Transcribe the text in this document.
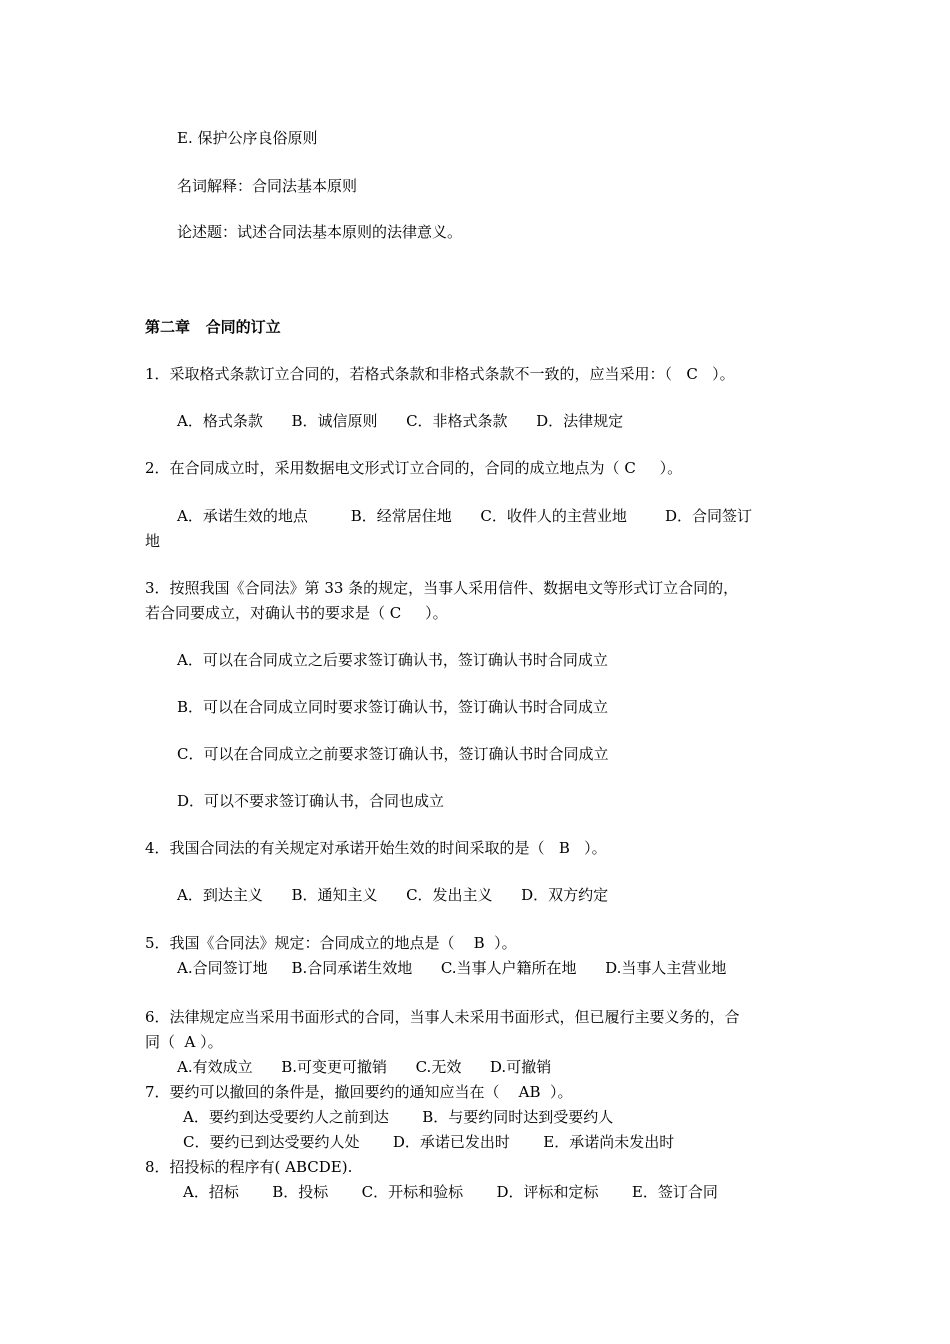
E. 保护公序良俗原则
名词解释：合同法基本原则
论述题：试述合同法基本原则的法律意义。
第二章   合同的订立
1．采取格式条款订立合同的，若格式条款和非格式条款不一致的，应当采用：（   C   ）。
A．格式条款      B．诚信原则      C．非格式条款      D．法律规定
2．在合同成立时，采用数据电文形式订立合同的，合同的成立地点为（ C     ）。
A．承诺生效的地点         B．经常居住地      C．收件人的主营业地        D．合同签订
地
3．按照我国《合同法》第 33 条的规定，当事人采用信件、数据电文等形式订立合同的，
若合同要成立，对确认书的要求是（ C     ）。
A．可以在合同成立之后要求签订确认书，签订确认书时合同成立
B．可以在合同成立同时要求签订确认书，签订确认书时合同成立
C．可以在合同成立之前要求签订确认书，签订确认书时合同成立
D．可以不要求签订确认书，合同也成立
4．我国合同法的有关规定对承诺开始生效的时间采取的是（   B   ）。
A．到达主义      B．通知主义      C．发出主义      D．双方约定
5．我国《合同法》规定：合同成立的地点是（    B  ）。
A.合同签订地     B.合同承诺生效地      C.当事人户籍所在地      D.当事人主营业地
6．法律规定应当采用书面形式的合同，当事人未采用书面形式，但已履行主要义务的，合
同（  A ）。
A.有效成立      B.可变更可撤销      C.无效      D.可撤销
7．要约可以撤回的条件是，撤回要约的通知应当在（    AB  ）。
A．要约到达受要约人之前到达       B．与要约同时达到受要约人
C．要约已到达受要约人处       D．承诺已发出时       E．承诺尚未发出时
8．招投标的程序有( ABCDE).
A．招标       B．投标       C．开标和验标       D．评标和定标       E．签订合同
